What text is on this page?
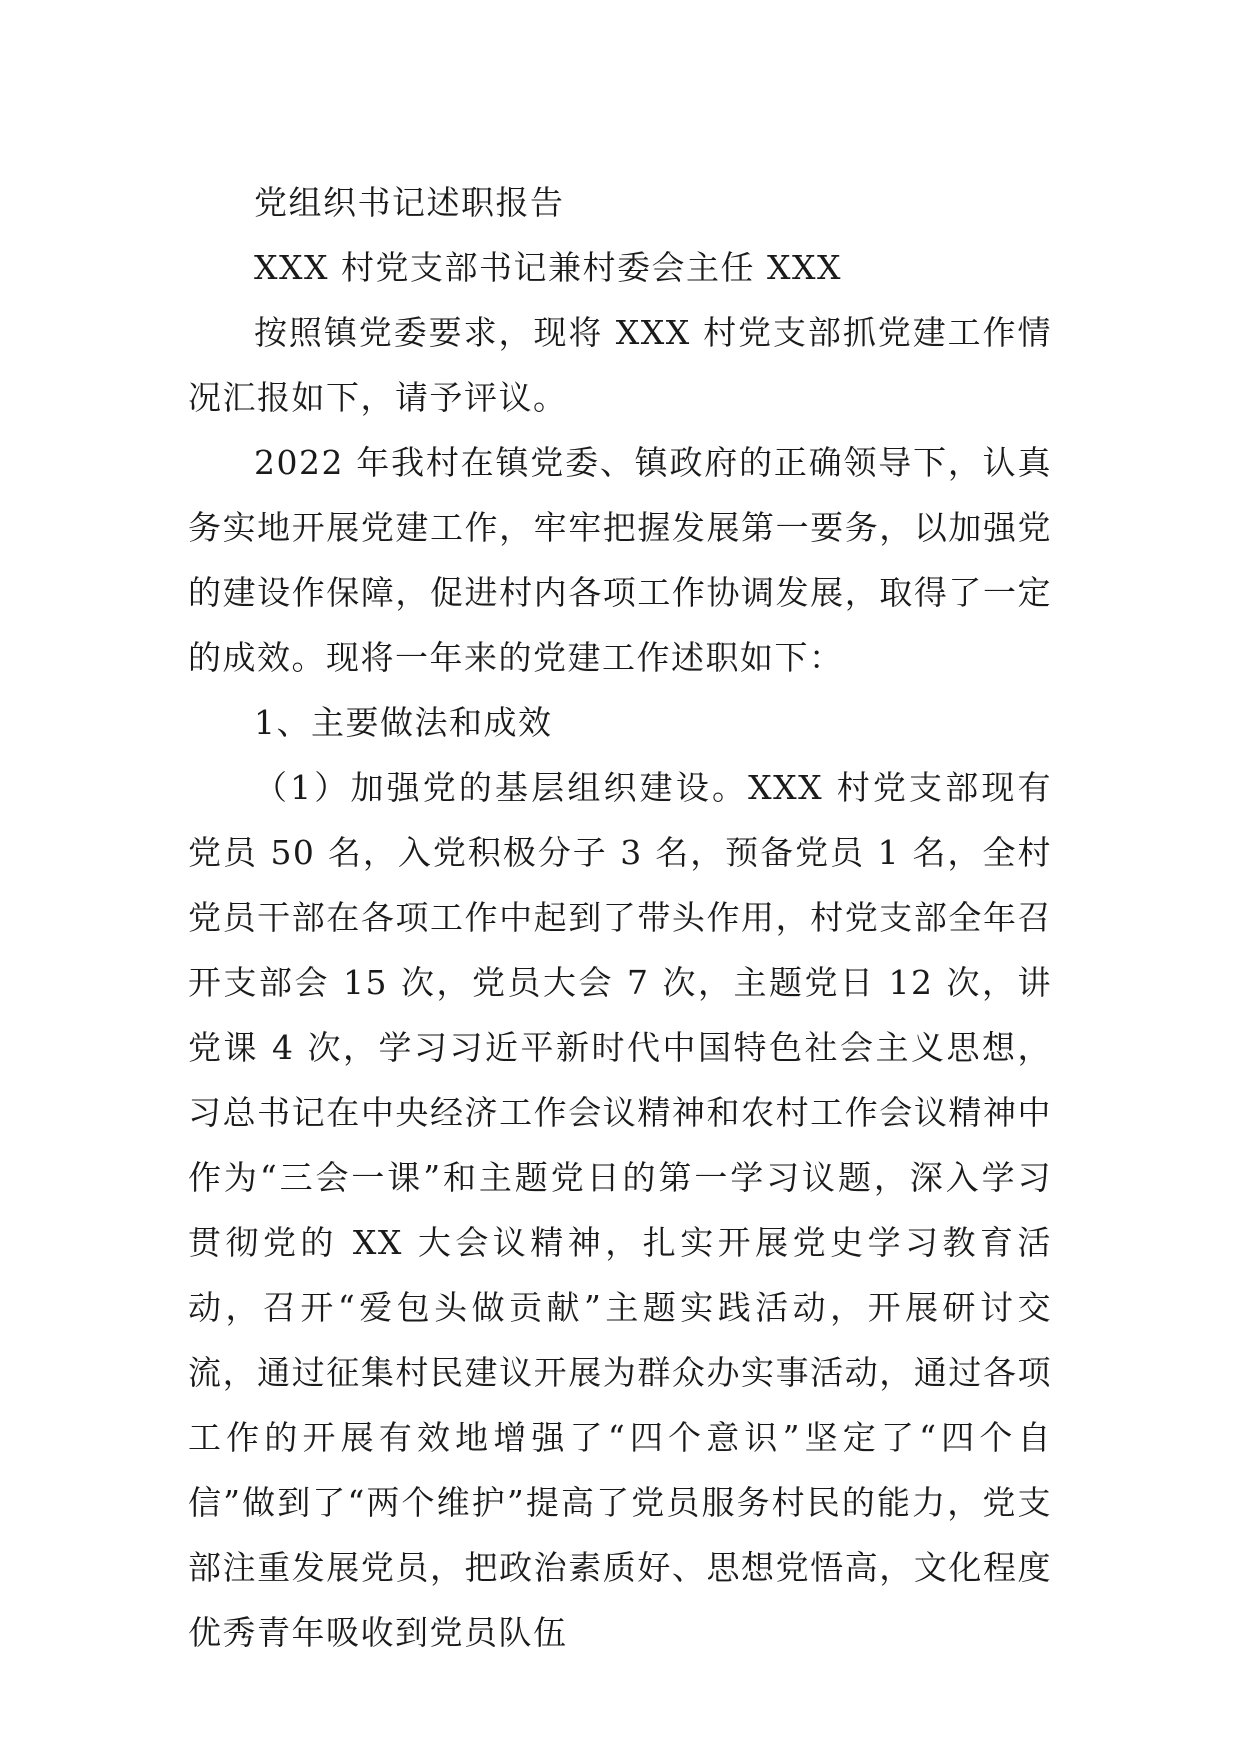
党组织书记述职报告

XXX 村党支部书记兼村委会主任 XXX

按照镇党委要求，现将 XXX 村党支部抓党建工作情况汇报如下，请予评议。

2022 年我村在镇党委、镇政府的正确领导下，认真务实地开展党建工作，牢牢把握发展第一要务，以加强党的建设作保障，促进村内各项工作协调发展，取得了一定的成效。现将一年来的党建工作述职如下：

1、主要做法和成效

（1）加强党的基层组织建设。XXX 村党支部现有党员 50 名，入党积极分子 3 名，预备党员 1 名，全村党员干部在各项工作中起到了带头作用，村党支部全年召开支部会 15 次，党员大会 7 次，主题党日 12 次，讲党课 4 次，学习习近平新时代中国特色社会主义思想，习总书记在中央经济工作会议精神和农村工作会议精神中作为“三会一课”和主题党日的第一学习议题，深入学习贯彻党的 XX 大会议精神，扎实开展党史学习教育活动，召开“爱包头做贡献”主题实践活动，开展研讨交流，通过征集村民建议开展为群众办实事活动，通过各项工作的开展有效地增强了“四个意识”坚定了“四个自信”做到了“两个维护”提高了党员服务村民的能力，党支部注重发展党员，把政治素质好、思想党悟高，文化程度优秀青年吸收到党员队伍
